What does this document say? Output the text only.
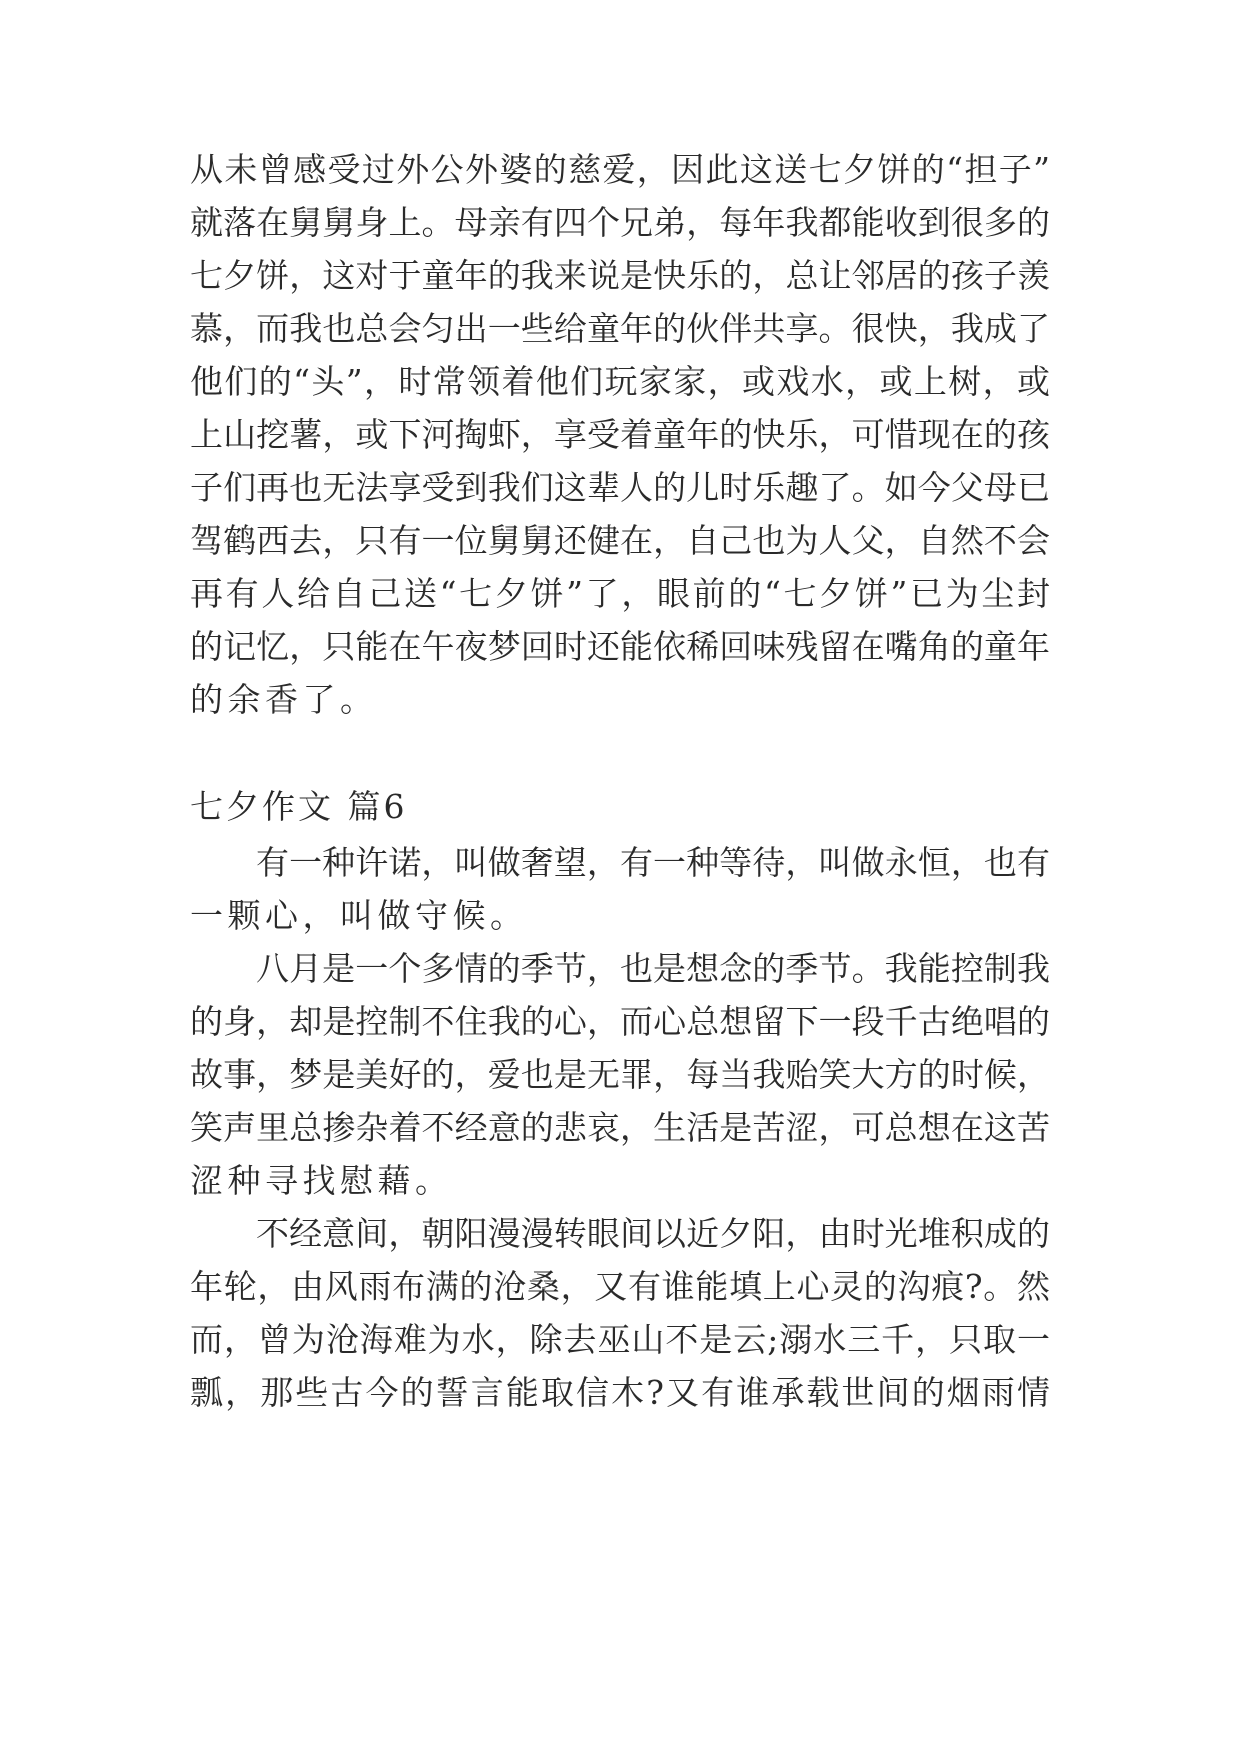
从未曾感受过外公外婆的慈爱，因此这送七夕饼的“担子”
就落在舅舅身上。母亲有四个兄弟，每年我都能收到很多的
七夕饼，这对于童年的我来说是快乐的，总让邻居的孩子羡
慕，而我也总会匀出一些给童年的伙伴共享。很快，我成了
他们的“头”，时常领着他们玩家家，或戏水，或上树，或
上山挖薯，或下河掏虾，享受着童年的快乐，可惜现在的孩
子们再也无法享受到我们这辈人的儿时乐趣了。如今父母已
驾鹤西去，只有一位舅舅还健在，自己也为人父，自然不会
再有人给自己送“七夕饼”了，眼前的“七夕饼”已为尘封
的记忆，只能在午夜梦回时还能依稀回味残留在嘴角的童年
的余香了。
七夕作文 篇6
有一种许诺，叫做奢望，有一种等待，叫做永恒，也有
一颗心，叫做守候。
八月是一个多情的季节，也是想念的季节。我能控制我
的身，却是控制不住我的心，而心总想留下一段千古绝唱的
故事，梦是美好的，爱也是无罪，每当我贻笑大方的时候，
笑声里总掺杂着不经意的悲哀，生活是苦涩，可总想在这苦
涩种寻找慰藉。
不经意间，朝阳漫漫转眼间以近夕阳，由时光堆积成的
年轮，由风雨布满的沧桑，又有谁能填上心灵的沟痕?。然
而，曾为沧海难为水，除去巫山不是云;溺水三千，只取一
瓢，那些古今的誓言能取信木?又有谁承载世间的烟雨情
